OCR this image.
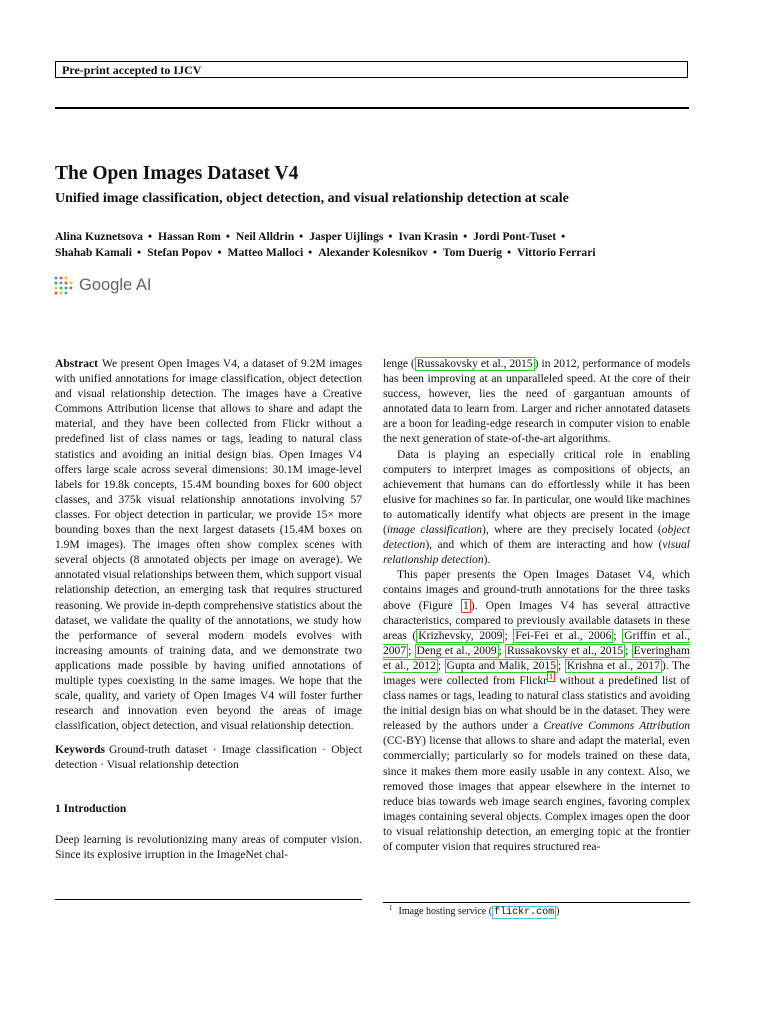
Pre-print accepted to IJCV
The Open Images Dataset V4
Unified image classification, object detection, and visual relationship detection at scale
Alina Kuznetsova • Hassan Rom • Neil Alldrin • Jasper Uijlings • Ivan Krasin • Jordi Pont-Tuset •
Shahab Kamali • Stefan Popov • Matteo Malloci • Alexander Kolesnikov • Tom Duerig • Vittorio Ferrari
Google AI

Abstract We present Open Images V4, a dataset of 9.2M images with unified annotations for image classification, object detection and visual relationship detection. The images have a Creative Commons Attribution license that allows to share and adapt the material, and they have been collected from Flickr without a predefined list of class names or tags, leading to natural class statistics and avoiding an initial design bias. Open Images V4 offers large scale across several dimensions: 30.1M image-level labels for 19.8k concepts, 15.4M bounding boxes for 600 object classes, and 375k visual relationship annotations involving 57 classes. For object detection in particular, we provide 15× more bounding boxes than the next largest datasets (15.4M boxes on 1.9M images). The images often show complex scenes with several objects (8 annotated objects per image on average). We annotated visual relationships between them, which support visual relationship detection, an emerging task that requires structured reasoning. We provide in-depth comprehensive statistics about the dataset, we validate the quality of the annotations, we study how the performance of several modern models evolves with increasing amounts of training data, and we demonstrate two applications made possible by having unified annotations of multiple types coexisting in the same images. We hope that the scale, quality, and variety of Open Images V4 will foster further research and innovation even beyond the areas of image classification, object detection, and visual relationship detection.

Keywords Ground-truth dataset · Image classification · Object detection · Visual relationship detection

1 Introduction

Deep learning is revolutionizing many areas of computer vision. Since its explosive irruption in the ImageNet chal-

lenge ( Russakovsky et al., 2015 ) in 2012, performance of models has been improving at an unparalleled speed. At the core of their success, however, lies the need of gargantuan amounts of annotated data to learn from. Larger and richer annotated datasets are a boon for leading-edge research in computer vision to enable the next generation of state-of-the-art algorithms.

Data is playing an especially critical role in enabling computers to interpret images as compositions of objects, an achievement that humans can do effortlessly while it has been elusive for machines so far. In particular, one would like machines to automatically identify what objects are present in the image (image classification), where are they precisely located (object detection), and which of them are interacting and how (visual relationship detection).

This paper presents the Open Images Dataset V4, which contains images and ground-truth annotations for the three tasks above (Figure 1 ). Open Images V4 has several attractive characteristics, compared to previously available datasets in these areas ( Krizhevsky, 2009 ; Fei-Fei et al., 2006 ; Griffin et al., 2007 ; Deng et al., 2009 ; Russakovsky et al., 2015 ; Everingham et al., 2012 ; Gupta and Malik, 2015 ; Krishna et al., 2017 ). The images were collected from Flickr $^1$ without a predefined list of class names or tags, leading to natural class statistics and avoiding the initial design bias on what should be in the dataset. They were released by the authors under a Creative Commons Attribution (CC-BY) license that allows to share and adapt the material, even commercially; particularly so for models trained on these data, since it makes them more easily usable in any context. Also, we removed those images that appear elsewhere in the internet to reduce bias towards web image search engines, favoring complex images containing several objects. Complex images open the door to visual relationship detection, an emerging topic at the frontier of computer vision that requires structured rea-

$^1$ Image hosting service ( flickr.com )
